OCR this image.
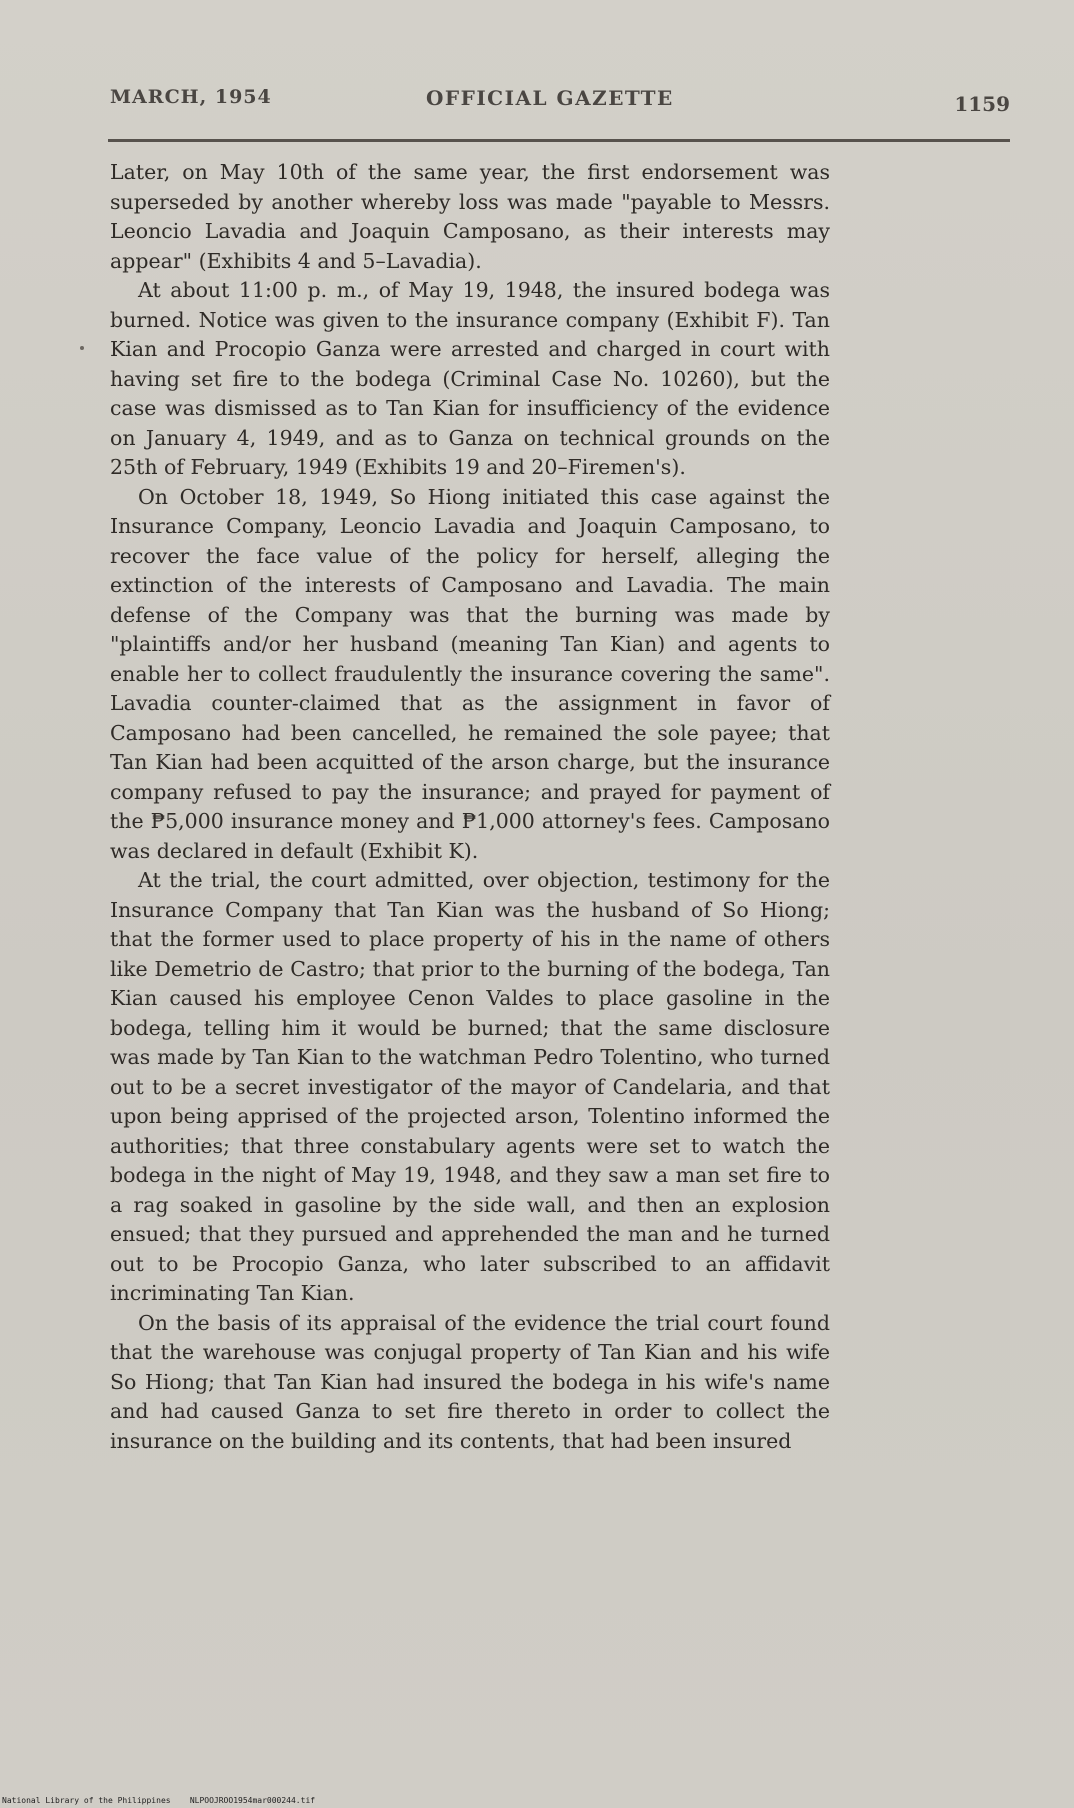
MARCH, 1954	OFFICIAL GAZETTE	1159

Later, on May 10th of the same year, the first endorsement was superseded by another whereby loss was made "payable to Messrs. Leoncio Lavadia and Joaquin Camposano, as their interests may appear" (Exhibits 4 and 5–Lavadia).

At about 11:00 p. m., of May 19, 1948, the insured bodega was burned. Notice was given to the insurance company (Exhibit F). Tan Kian and Procopio Ganza were arrested and charged in court with having set fire to the bodega (Criminal Case No. 10260), but the case was dismissed as to Tan Kian for insufficiency of the evidence on January 4, 1949, and as to Ganza on technical grounds on the 25th of February, 1949 (Exhibits 19 and 20–Firemen's).

On October 18, 1949, So Hiong initiated this case against the Insurance Company, Leoncio Lavadia and Joaquin Camposano, to recover the face value of the policy for herself, alleging the extinction of the interests of Camposano and Lavadia. The main defense of the Company was that the burning was made by "plaintiffs and/or her husband (meaning Tan Kian) and agents to enable her to collect fraudulently the insurance covering the same". Lavadia counter-claimed that as the assignment in favor of Camposano had been cancelled, he remained the sole payee; that Tan Kian had been acquitted of the arson charge, but the insurance company refused to pay the insurance; and prayed for payment of the ₱5,000 insurance money and ₱1,000 attorney's fees. Camposano was declared in default (Exhibit K).

At the trial, the court admitted, over objection, testimony for the Insurance Company that Tan Kian was the husband of So Hiong; that the former used to place property of his in the name of others like Demetrio de Castro; that prior to the burning of the bodega, Tan Kian caused his employee Cenon Valdes to place gasoline in the bodega, telling him it would be burned; that the same disclosure was made by Tan Kian to the watchman Pedro Tolentino, who turned out to be a secret investigator of the mayor of Candelaria, and that upon being apprised of the projected arson, Tolentino informed the authorities; that three constabulary agents were set to watch the bodega in the night of May 19, 1948, and they saw a man set fire to a rag soaked in gasoline by the side wall, and then an explosion ensued; that they pursued and apprehended the man and he turned out to be Procopio Ganza, who later subscribed to an affidavit incriminating Tan Kian.

On the basis of its appraisal of the evidence the trial court found that the warehouse was conjugal property of Tan Kian and his wife So Hiong; that Tan Kian had insured the bodega in his wife's name and had caused Ganza to set fire thereto in order to collect the insurance on the building and its contents, that had been insured

National Library of the Philippines NLPOOJROO1954mar000244.tif
